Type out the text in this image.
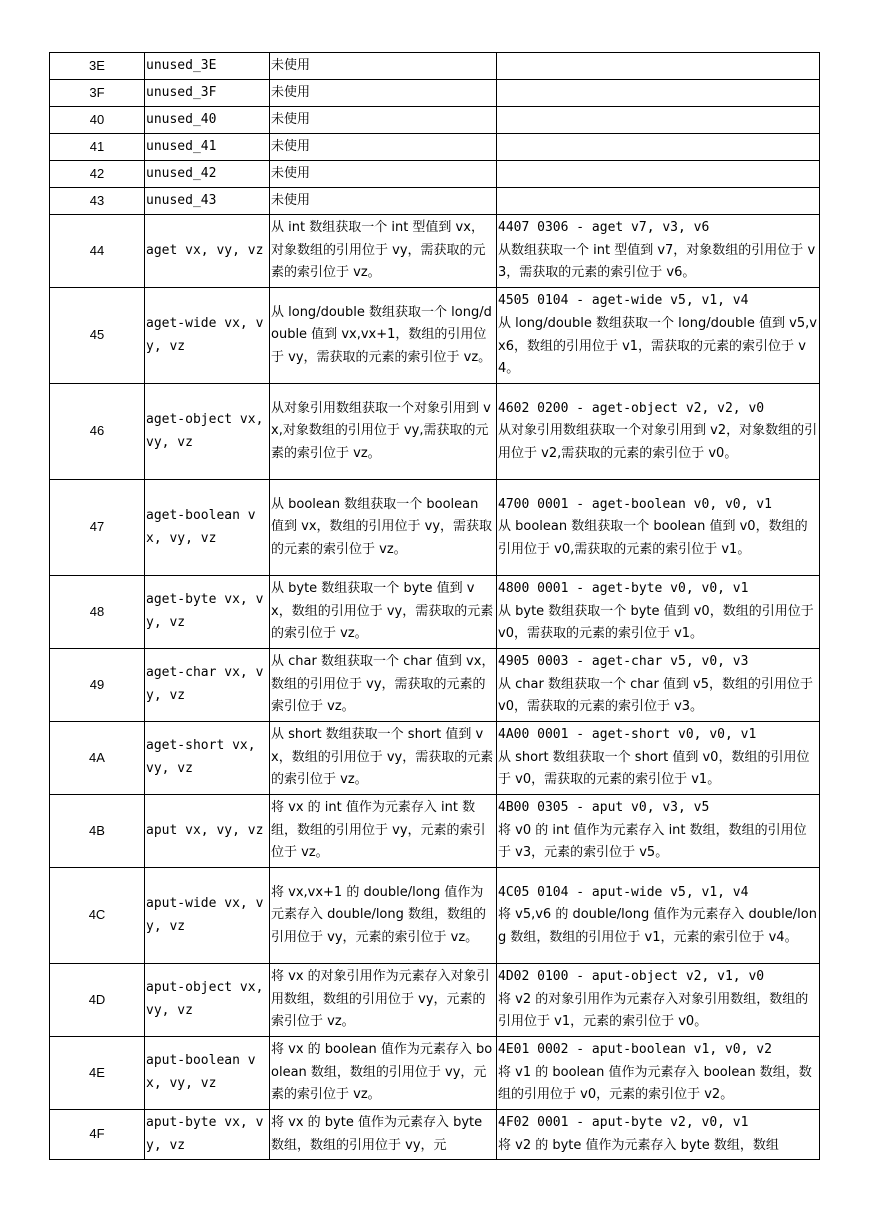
3E	unused_3E	未使用	

3F	unused_3F	未使用	

40	unused_40	未使用	

41	unused_41	未使用	

42	unused_42	未使用	

43	unused_43	未使用	

44	aget vx, vy, vz	从 int 数组获取一个 int 型值到 vx，对象数组的引用位于 vy，需获取的元素的索引位于 vz。	4407 0306 - aget v7, v3, v6
从数组获取一个 int 型值到 v7，对象数组的引用位于 v3，需获取的元素的索引位于 v6。
45	aget-wide vx, vy, vz	从 long/double 数组获取一个 long/double 值到 vx,vx+1，数组的引用位于 vy，需获取的元素的索引位于 vz。	4505 0104 - aget-wide v5, v1, v4
从 long/double 数组获取一个 long/double 值到 v5,vx6，数组的引用位于 v1，需获取的元素的索引位于 v4。
46	aget-object vx, vy, vz	从对象引用数组获取一个对象引用到 vx,对象数组的引用位于 vy,需获取的元素的索引位于 vz。	4602 0200 - aget-object v2, v2, v0
从对象引用数组获取一个对象引用到 v2，对象数组的引用位于 v2,需获取的元素的索引位于 v0。
47	aget-boolean vx, vy, vz	从 boolean 数组获取一个 boolean 值到 vx，数组的引用位于 vy，需获取的元素的索引位于 vz。	4700 0001 - aget-boolean v0, v0, v1
从 boolean 数组获取一个 boolean 值到 v0，数组的引用位于 v0,需获取的元素的索引位于 v1。
48	aget-byte vx, vy, vz	从 byte 数组获取一个 byte 值到 vx，数组的引用位于 vy，需获取的元素的索引位于 vz。	4800 0001 - aget-byte v0, v0, v1
从 byte 数组获取一个 byte 值到 v0，数组的引用位于 v0，需获取的元素的索引位于 v1。
49	aget-char vx, vy, vz	从 char 数组获取一个 char 值到 vx，数组的引用位于 vy，需获取的元素的索引位于 vz。	4905 0003 - aget-char v5, v0, v3
从 char 数组获取一个 char 值到 v5，数组的引用位于 v0，需获取的元素的索引位于 v3。
4A	aget-short vx, vy, vz	从 short 数组获取一个 short 值到 vx，数组的引用位于 vy，需获取的元素的索引位于 vz。	4A00 0001 - aget-short v0, v0, v1
从 short 数组获取一个 short 值到 v0，数组的引用位于 v0，需获取的元素的索引位于 v1。
4B	aput vx, vy, vz	将 vx 的 int 值作为元素存入 int 数组，数组的引用位于 vy，元素的索引位于 vz。	4B00 0305 - aput v0, v3, v5
将 v0 的 int 值作为元素存入 int 数组，数组的引用位于 v3，元素的索引位于 v5。
4C	aput-wide vx, vy, vz	将 vx,vx+1 的 double/long 值作为元素存入 double/long 数组，数组的引用位于 vy，元素的索引位于 vz。	4C05 0104 - aput-wide v5, v1, v4
将 v5,v6 的 double/long 值作为元素存入 double/long 数组，数组的引用位于 v1，元素的索引位于 v4。
4D	aput-object vx, vy, vz	将 vx 的对象引用作为元素存入对象引用数组，数组的引用位于 vy，元素的索引位于 vz。	4D02 0100 - aput-object v2, v1, v0
将 v2 的对象引用作为元素存入对象引用数组，数组的引用位于 v1，元素的索引位于 v0。
4E	aput-boolean vx, vy, vz	将 vx 的 boolean 值作为元素存入 boolean 数组，数组的引用位于 vy，元素的索引位于 vz。	4E01 0002 - aput-boolean v1, v0, v2
将 v1 的 boolean 值作为元素存入 boolean 数组，数组的引用位于 v0，元素的索引位于 v2。
4F	aput-byte vx, vy, vz	将 vx 的 byte 值作为元素存入 byte 数组，数组的引用位于 vy，元	4F02 0001 - aput-byte v2, v0, v1
将 v2 的 byte 值作为元素存入 byte 数组，数组
